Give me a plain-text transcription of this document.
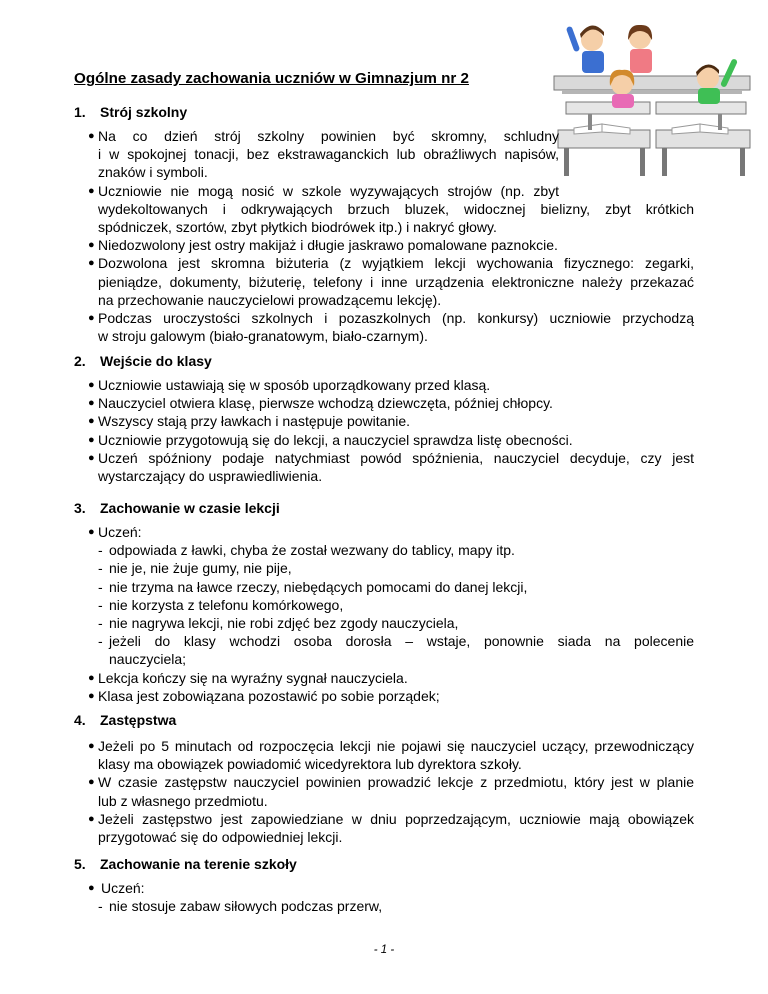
Ogólne zasady zachowania uczniów w Gimnazjum nr 2
1. Strój szkolny
● Na co dzień strój szkolny powinien być skromny, schludny
i w spokojnej tonacji, bez ekstrawaganckich lub obraźliwych napisów,
znaków i symboli.
● Uczniowie nie mogą nosić w szkole wyzywających strojów (np. zbyt
wydekoltowanych i odkrywających brzuch bluzek, widocznej bielizny, zbyt krótkich
spódniczek, szortów, zbyt płytkich biodrówek itp.) i nakryć głowy.
● Niedozwolony jest ostry makijaż i długie jaskrawo pomalowane paznokcie.
● Dozwolona jest skromna biżuteria (z wyjątkiem lekcji wychowania fizycznego: zegarki,
pieniądze, dokumenty, biżuterię, telefony i inne urządzenia elektroniczne należy przekazać
na przechowanie nauczycielowi prowadzącemu lekcję).
● Podczas uroczystości szkolnych i pozaszkolnych (np. konkursy) uczniowie przychodzą
w stroju galowym (biało-granatowym, biało-czarnym).
2. Wejście do klasy
● Uczniowie ustawiają się w sposób uporządkowany przed klasą.
● Nauczyciel otwiera klasę, pierwsze wchodzą dziewczęta, później chłopcy.
● Wszyscy stają przy ławkach i następuje powitanie.
● Uczniowie przygotowują się do lekcji, a nauczyciel sprawdza listę obecności.
● Uczeń spóźniony podaje natychmiast powód spóźnienia, nauczyciel decyduje, czy jest
wystarczający do usprawiedliwienia.
3. Zachowanie w czasie lekcji
● Uczeń:
- odpowiada z ławki, chyba że został wezwany do tablicy, mapy itp.
- nie je, nie żuje gumy, nie pije,
- nie trzyma na ławce rzeczy, niebędących pomocami do danej lekcji,
- nie korzysta z telefonu komórkowego,
- nie nagrywa lekcji, nie robi zdjęć bez zgody nauczyciela,
- jeżeli do klasy wchodzi osoba dorosła – wstaje, ponownie siada na polecenie
nauczyciela;
● Lekcja kończy się na wyraźny sygnał nauczyciela.
● Klasa jest zobowiązana pozostawić po sobie porządek;
4. Zastępstwa
● Jeżeli po 5 minutach od rozpoczęcia lekcji nie pojawi się nauczyciel uczący, przewodniczący
klasy ma obowiązek powiadomić wicedyrektora lub dyrektora szkoły.
● W czasie zastępstw nauczyciel powinien prowadzić lekcje z przedmiotu, który jest w planie
lub z własnego przedmiotu.
● Jeżeli zastępstwo jest zapowiedziane w dniu poprzedzającym, uczniowie mają obowiązek
przygotować się do odpowiedniej lekcji.
5. Zachowanie na terenie szkoły
● Uczeń:
- nie stosuje zabaw siłowych podczas przerw,
- 1 -
